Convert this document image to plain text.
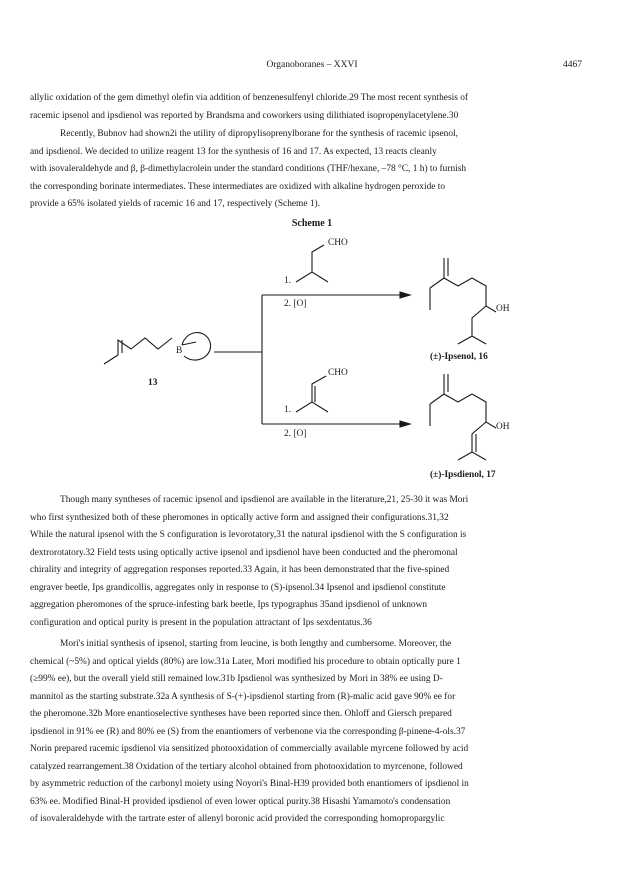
Organoboranes – XXVI	4467

allylic oxidation of the gem dimethyl olefin via addition of benzenesulfenyl chloride.29 The most recent synthesis of

racemic ipsenol and ipsdienol was reported by Brandsma and coworkers using dilithiated isopropenylacetylene.30

Recently, Bubnov had shown2i the utility of dipropylisoprenylborane for the synthesis of racemic ipsenol,

and ipsdienol. We decided to utilize reagent 13 for the synthesis of 16 and 17. As expected, 13 reacts cleanly

with isovaleraldehyde and β, β-dimethylacrolein under the standard conditions (THF/hexane, –78 °C, 1 h) to furnish

the corresponding borinate intermediates. These intermediates are oxidized with alkaline hydrogen peroxide to

provide a 65% isolated yields of racemic 16 and 17, respectively (Scheme 1).

Scheme 1
B
13
CHO
1.
2. [O]
CHO
1.
2. [O]
OH
OH
(±)-Ipsenol, 16
(±)-Ipsdienol, 17

Though many syntheses of racemic ipsenol and ipsdienol are available in the literature,21, 25-30 it was Mori

who first synthesized both of these pheromones in optically active form and assigned their configurations.31,32

While the natural ipsenol with the S configuration is levorotatory,31 the natural ipsdienol with the S configuration is

dextrorotatory.32 Field tests using optically active ipsenol and ipsdienol have been conducted and the pheromonal

chirality and integrity of aggregation responses reported.33 Again, it has been demonstrated that the five-spined

engraver beetle, Ips grandicollis, aggregates only in response to (S)-ipsenol.34 Ipsenol and ipsdienol constitute

aggregation pheromones of the spruce-infesting bark beetle, Ips typographus 35and ipsdienol of unknown

configuration and optical purity is present in the population attractant of Ips sexdentatus.36

Mori's initial synthesis of ipsenol, starting from leucine, is both lengthy and cumbersome. Moreover, the

chemical (~5%) and optical yields (80%) are low.31a Later, Mori modified his procedure to obtain optically pure 1

(≥99% ee), but the overall yield still remained low.31b Ipsdienol was synthesized by Mori in 38% ee using D-

mannitol as the starting substrate.32a A synthesis of S-(+)-ipsdienol starting from (R)-malic acid gave 90% ee for

the pheromone.32b More enantioselective syntheses have been reported since then. Ohloff and Giersch prepared

ipsdienol in 91% ee (R) and 80% ee (S) from the enantiomers of verbenone via the corresponding β-pinene-4-ols.37

Norin prepared racemic ipsdienol via sensitized photooxidation of commercially available myrcene followed by acid

catalyzed rearrangement.38 Oxidation of the tertiary alcohol obtained from photooxidation to myrcenone, followed

by asymmetric reduction of the carbonyl moiety using Noyori's Binal-H39 provided both enantiomers of ipsdienol in

63% ee. Modified Binal-H provided ipsdienol of even lower optical purity.38 Hisashi Yamamoto's condensation

of isovaleraldehyde with the tartrate ester of allenyl boronic acid provided the corresponding homopropargylic
